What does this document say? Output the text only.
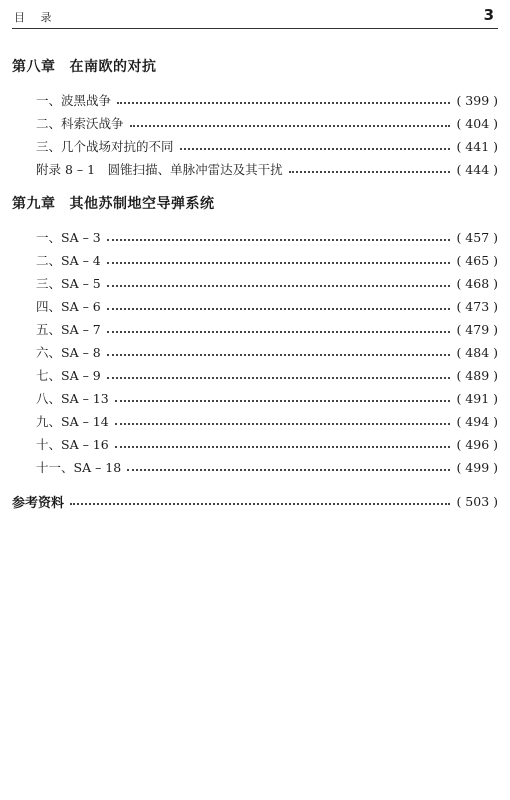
目 录	3
第八章 在南欧的对抗
一、波黑战争	( 399 )
二、科索沃战争	( 404 )
三、几个战场对抗的不同	( 441 )
附录 8 – 1　圆锥扫描、单脉冲雷达及其干扰	( 444 )
第九章 其他苏制地空导弹系统
一、SA – 3	( 457 )
二、SA – 4	( 465 )
三、SA – 5	( 468 )
四、SA – 6	( 473 )
五、SA – 7	( 479 )
六、SA – 8	( 484 )
七、SA – 9	( 489 )
八、SA – 13	( 491 )
九、SA – 14	( 494 )
十、SA – 16	( 496 )
十一、SA – 18	( 499 )
参考资料	( 503 )
